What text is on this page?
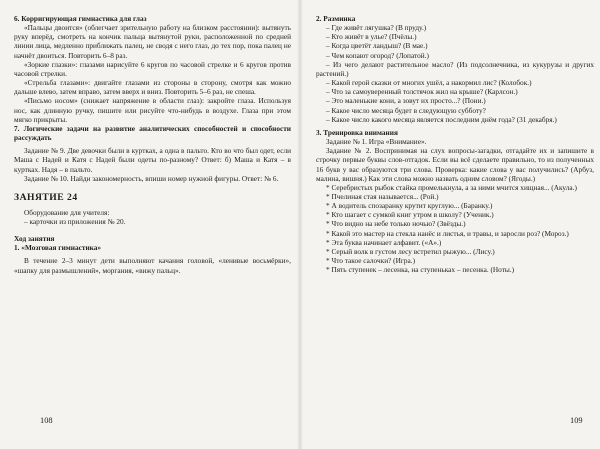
6. Корригирующая гимнастика для глаз

«Пальцы двоится» (облегчает зрительную работу на близком расстоянии): вытянуть руку вперёд, смотреть на кончик пальца вытянутой руки, расположенной по средней линии лица, медленно приближать палец, не сводя с него глаз, до тех пор, пока палец не начнёт двоиться. Повторить 6–8 раз.

«Зоркие глазки»: глазами нарисуйте 6 кругов по часовой стрелке и 6 кругов против часовой стрелки.

«Стрельба глазами»: двигайте глазами из стороны в сторону, смотря как можно дальше влево, затем вправо, затем вверх и вниз. Повторить 5–6 раз, не спеша.

«Письмо носом» (снижает напряжение в области глаз): закройте глаза. Используя нос, как длинную ручку, пишите или рисуйте что-нибудь в воздухе. Глаза при этом мягко прикрыты.

7. Логические задачи на развитие аналитических способностей и способности рассуждать

Задание № 9. Две девочки были в куртках, а одна в пальто. Кто во что был одет, если Маша с Надей и Катя с Надей были одеты по-разному? Ответ: б) Маша и Катя – в куртках. Надя – в пальто.

Задание № 10. Найди закономерность, впиши номер нужной фигуры. Ответ: № 6.

ЗАНЯТИЕ 24

Оборудование для учителя:

– карточки из приложения № 20.

Ход занятия

1. «Мозговая гимнастика»

В течение 2–3 минут дети выполняют качания головой, «ленивые восьмёрки», «шапку для размышлений», моргания, «вижу пальц».

2. Разминка

– Где живёт лягушка? (В пруду.)

– Кто живёт в улье? (Пчёлы.)

– Когда цветёт ландыш? (В мае.)

– Чем копают огород? (Лопатой.)

– Из чего делают растительное масло? (Из подсолнечника, из кукурузы и других растений.)

– Какой герой сказки от многих ушёл, а накормил лис? (Колобок.)

– Что за самоуверенный толстячок жил на крыше? (Карлсон.)

– Это маленькие кони, а зовут их просто...? (Пони.)

– Какое число месяца будет в следующую субботу?

– Какое число какого месяца является последним днём года? (31 декабря.)

3. Тренировка внимания

Задание № 1. Игра «Внимание».

Задание № 2. Воспринимая на слух вопросы-загадки, отгадайте их и запишите в строчку первые буквы слов-отгадок. Если вы всё сделаете правильно, то из полученных 16 букв у вас образуются три слова. Проверка: какие слова у вас получились? (Арбуз, малина, вишня.) Как эти слова можно назвать одним словом? (Ягоды.)

* Серебристых рыбок стайка промелькнула, а за ними мчится хищная... (Акула.)

* Пчелиная стая называется... (Рой.)

* А водитель спозаранку крутит круглую... (Баранку.)

* Кто шагает с сумкой книг утром в школу? (Ученик.)

* Что видно на небе только ночью? (Звёзды.)

* Какой это мастер на стекла нанёс и листья, и травы, и заросли роз? (Мороз.)

* Эта буква начинает алфавит. («А».)

* Серый волк в густом лесу встретил рыжую... (Лису.)

* Что такое салочки? (Игра.)

* Пять ступенек – лесенка, на ступеньках – песенка. (Ноты.)

108	109
